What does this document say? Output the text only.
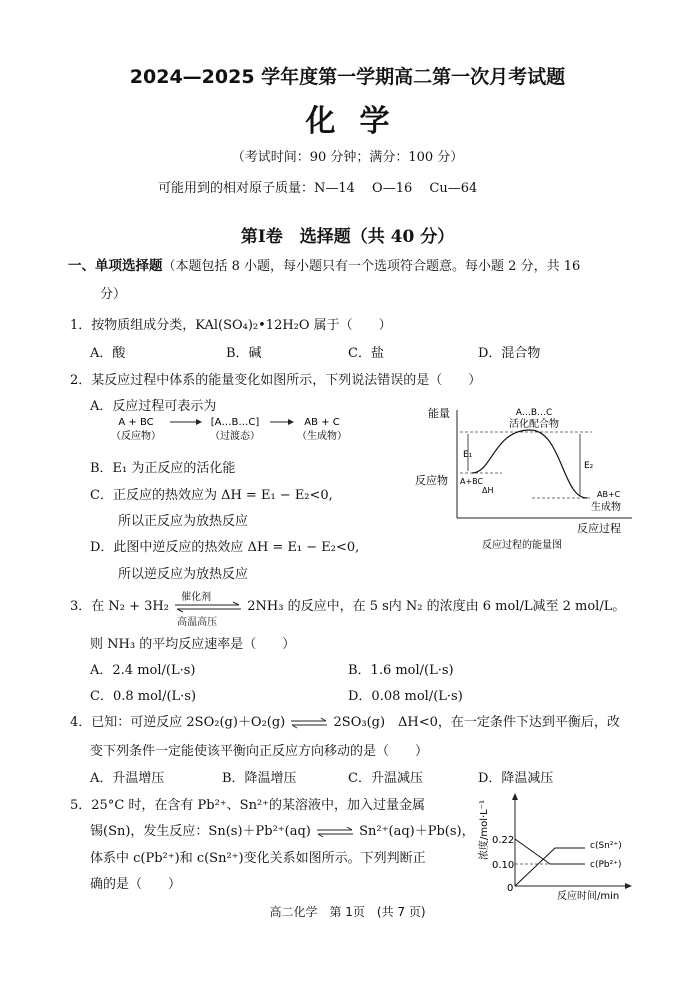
2024—2025 学年度第一学期高二第一次月考试题
化学
（考试时间：90 分钟；满分：100 分）
可能用到的相对原子质量：N—14　 O—16　 Cu—64
第Ⅰ卷　选择题（共 40 分）
一、单项选择题（本题包括 8 小题，每小题只有一个选项符合题意。每小题 2 分，共 16
分）
1．按物质组成分类，KAl(SO₄)₂•12H₂O 属于（　　）
A．酸	B．碱	C．盐	D．混合物
2．某反应过程中体系的能量变化如图所示，下列说法错误的是（　　）
A．反应过程可表示为
A + BC
（反应物）
[A…B…C]
（过渡态）
AB + C
（生成物）
B．E₁ 为正反应的活化能
C．正反应的热效应为 ΔH = E₁ − E₂<0,
所以正反应为放热反应
D．此图中逆反应的热效应 ΔH = E₁ − E₂<0,
所以逆反应为放热反应
能量	A…B…C
活化配合物
E₁
E₂
反应物 A+BC
ΔH	AB+C
生成物
反应过程
反应过程的能量图
3．在 N₂ + 3H₂
催化剂
高温高压
2NH₃ 的反应中，在 5 s内 N₂ 的浓度由 6 mol/L减至 2 mol/L。
则 NH₃ 的平均反应速率是（　　）
A．2.4 mol/(L·s)	B．1.6 mol/(L·s)
C．0.8 mol/(L·s)	D．0.08 mol/(L·s)
4．已知：可逆反应 2SO₂(g)＋O₂(g)	2SO₃(g)　ΔH<0，在一定条件下达到平衡后，改
变下列条件一定能使该平衡向正反应方向移动的是（　　）
A．升温增压	B．降温增压	C．升温减压	D．降温减压
5．25°C 时，在含有 Pb²⁺、Sn²⁺的某溶液中，加入过量金属
锡(Sn)，发生反应：Sn(s)＋Pb²⁺(aq)	Sn²⁺(aq)＋Pb(s)，
体系中 c(Pb²⁺)和 c(Sn²⁺)变化关系如图所示。下列判断正
确的是（　　）
浓度/mol·L⁻¹ 0.22
0.10
0
c(Sn²⁺)
c(Pb²⁺)
反应时间/min
高二化学　第 1页　(共 7 页)
